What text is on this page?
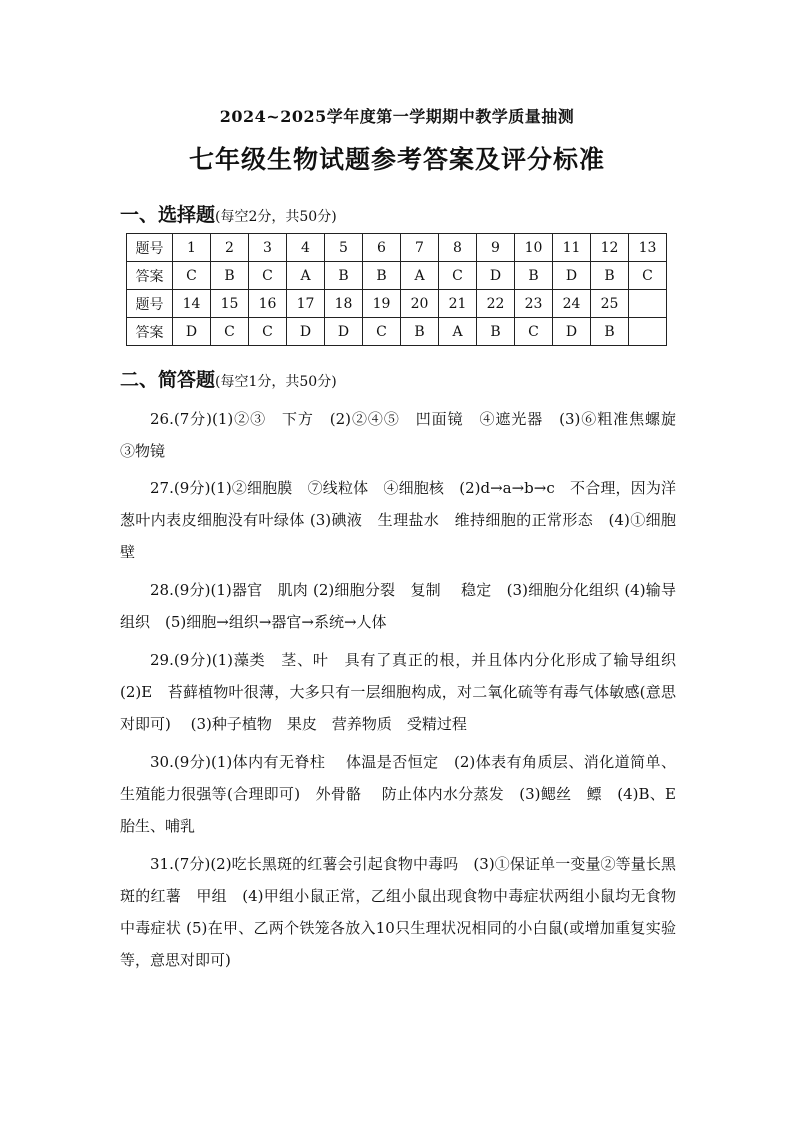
2024~2025学年度第一学期期中教学质量抽测
七年级生物试题参考答案及评分标准
一、选择题(每空2分，共50分)
题号	1	2	3	4	5	6	7	8	9	10	11	12	13
答案	C	B	C	A	B	B	A	C	D	B	D	B	C
题号	14	15	16	17	18	19	20	21	22	23	24	25	
答案	D	C	C	D	D	C	B	A	B	C	D	B	
二、简答题(每空1分，共50分)
26.(7分)(1)②③　下方　(2)②④⑤　凹面镜　④遮光器　(3)⑥粗准焦螺旋　③物镜
27.(9分)(1)②细胞膜　⑦线粒体　④细胞核　(2)d→a→b→c　不合理，因为洋葱叶内表皮细胞没有叶绿体 (3)碘液　生理盐水　维持细胞的正常形态　(4)①细胞壁
28.(9分)(1)器官　肌肉 (2)细胞分裂　复制　 稳定　(3)细胞分化组织 (4)输导组织　(5)细胞→组织→器官→系统→人体
29.(9分)(1)藻类　茎、叶　具有了真正的根，并且体内分化形成了输导组织　(2)E　苔藓植物叶很薄，大多只有一层细胞构成，对二氧化硫等有毒气体敏感(意思对即可)　 (3)种子植物　果皮　营养物质　受精过程
30.(9分)(1)体内有无脊柱　 体温是否恒定　(2)体表有角质层、消化道简单、生殖能力很强等(合理即可)　外骨骼　 防止体内水分蒸发　(3)鳃丝　鳔　(4)B、E　 胎生、哺乳
31.(7分)(2)吃长黑斑的红薯会引起食物中毒吗　(3)①保证单一变量②等量长黑斑的红薯　甲组　(4)甲组小鼠正常，乙组小鼠出现食物中毒症状两组小鼠均无食物中毒症状 (5)在甲、乙两个铁笼各放入10只生理状况相同的小白鼠(或增加重复实验等，意思对即可)
